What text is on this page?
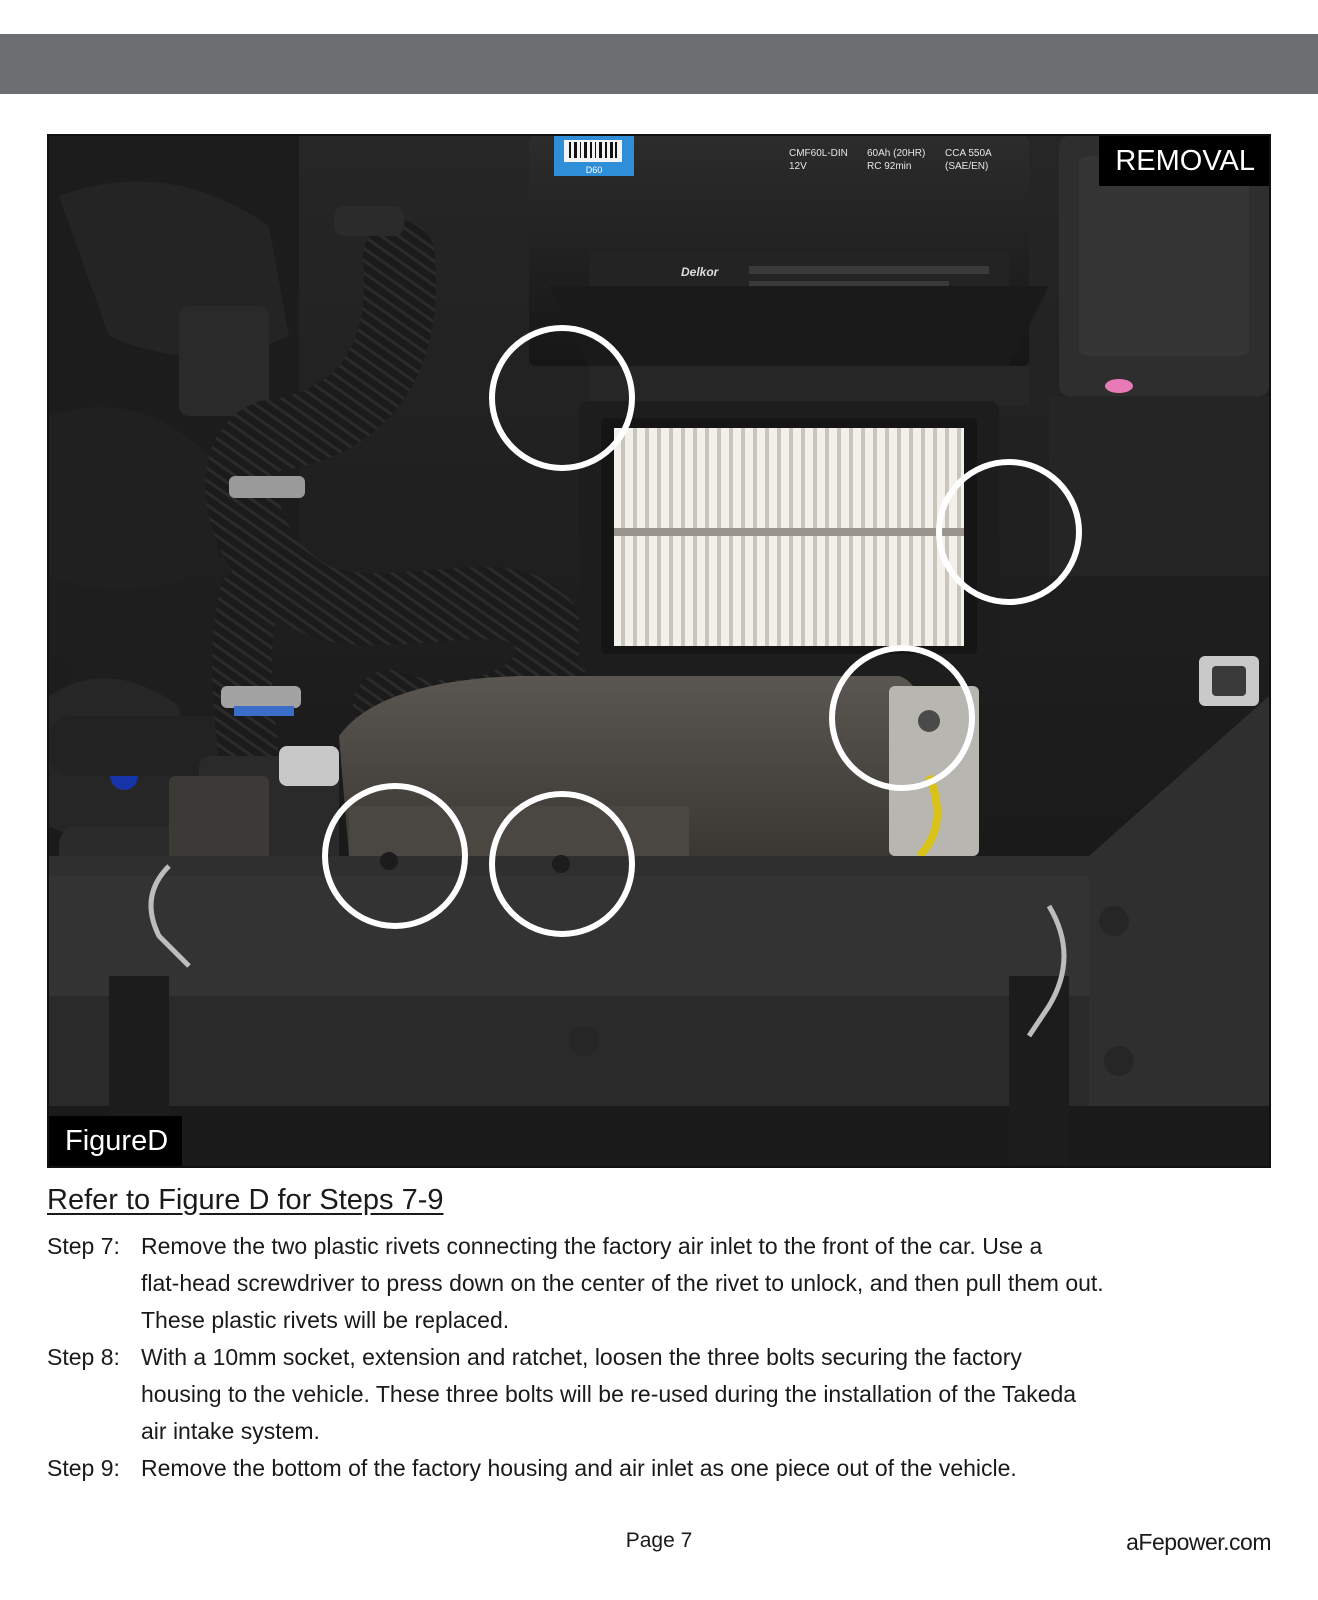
D60
CMF60L-DIN
12V
60Ah (20HR)
RC 92min
CCA 550A
(SAE/EN)
Delkor
REMOVAL
FigureD
Refer to Figure D for Steps 7-9
Step 7: Remove the two plastic rivets connecting the factory air inlet to the front of the car. Use a
flat-head screwdriver to press down on the center of the rivet to unlock, and then pull them out.
These plastic rivets will be replaced.
Step 8: With a 10mm socket, extension and ratchet, loosen the three bolts securing the factory
housing to the vehicle. These three bolts will be re-used during the installation of the Takeda
air intake system.
Step 9: Remove the bottom of the factory housing and air inlet as one piece out of the vehicle.
Page 7	aFepower.com
